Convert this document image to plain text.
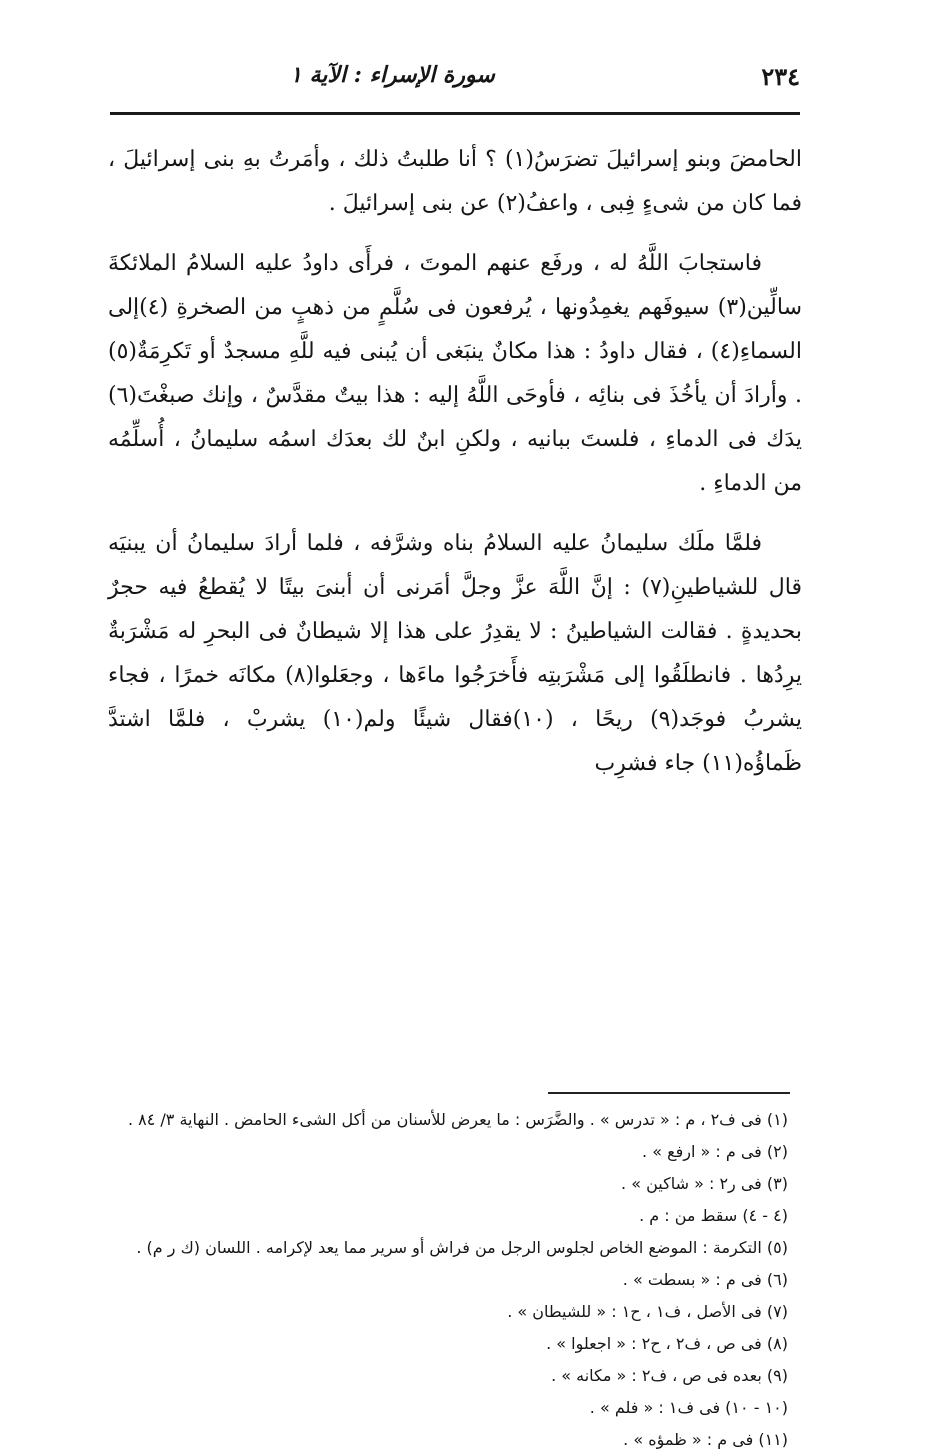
٢٣٤
سورة الإسراء : الآية ١

الحامضَ وبنو إسرائيلَ تضرَسُ(١) ؟ أنا طلبتُ ذلك ، وأمَرتُ بهِ بنى إسرائيلَ ، فما كان من شىءٍ فِبى ، واعفُ(٢) عن بنى إسرائيلَ .

فاستجابَ اللَّهُ له ، ورفَع عنهم الموتَ ، فرأَى داودُ عليه السلامُ الملائكةَ سالِّين(٣) سيوفَهم يغمِدُونها ، يُرفعون فى سُلَّمٍ من ذهبٍ من الصخرةِ (٤)إلى السماءِ(٤) ، فقال داودُ : هذا مكانٌ ينبَغى أن يُبنى فيه للَّهِ مسجدٌ أو تَكرِمَةٌ(٥) . وأرادَ أن يأخُذَ فى بنائِه ، فأوحَى اللَّهُ إليه : هذا بيتٌ مقدَّسٌ ، وإنك صبغْتَ(٦) يدَك فى الدماءِ ، فلستَ ببانيه ، ولكنِ ابنٌ لك بعدَك اسمُه سليمانُ ، أُسلِّمُه من الدماءِ .

فلمَّا ملَك سليمانُ عليه السلامُ بناه وشرَّفه ، فلما أرادَ سليمانُ أن يبنيَه قال للشياطينِ(٧) : إنَّ اللَّهَ عزَّ وجلَّ أمَرنى أن أبنىَ بيتًا لا يُقطعُ فيه حجرٌ بحديدةٍ . فقالت الشياطينُ : لا يقدِرُ على هذا إلا شيطانٌ فى البحرِ له مَشْرَبةٌ يرِدُها . فانطلَقُوا إلى مَشْرَبتِه فأَخرَجُوا ماءَها ، وجعَلوا(٨) مكانَه خمرًا ، فجاء يشربُ فوجَد(٩) ريحًا ، (١٠)فقال شيئًا ولم(١٠) يشربْ ، فلمَّا اشتدَّ ظَماؤُه(١١) جاء فشرِب

(١) فى ف٢ ، م : « تدرس » . والضَّرَس : ما يعرض للأسنان من أكل الشىء الحامض . النهاية ٣/ ٨٤ .
(٢) فى م : « ارفع » .
(٣) فى ر٢ : « شاكين » .
(٤ - ٤) سقط من : م .
(٥) التكرمة : الموضع الخاص لجلوس الرجل من فراش أو سرير مما يعد لإكرامه . اللسان (ك ر م) .
(٦) فى م : « بسطت » .
(٧) فى الأصل ، ف١ ، ح١ : « للشيطان » .
(٨) فى ص ، ف٢ ، ح٢ : « اجعلوا » .
(٩) بعده فى ص ، ف٢ : « مكانه » .
(١٠ - ١٠) فى ف١ : « فلم » .
(١١) فى م : « ظمؤه » .
